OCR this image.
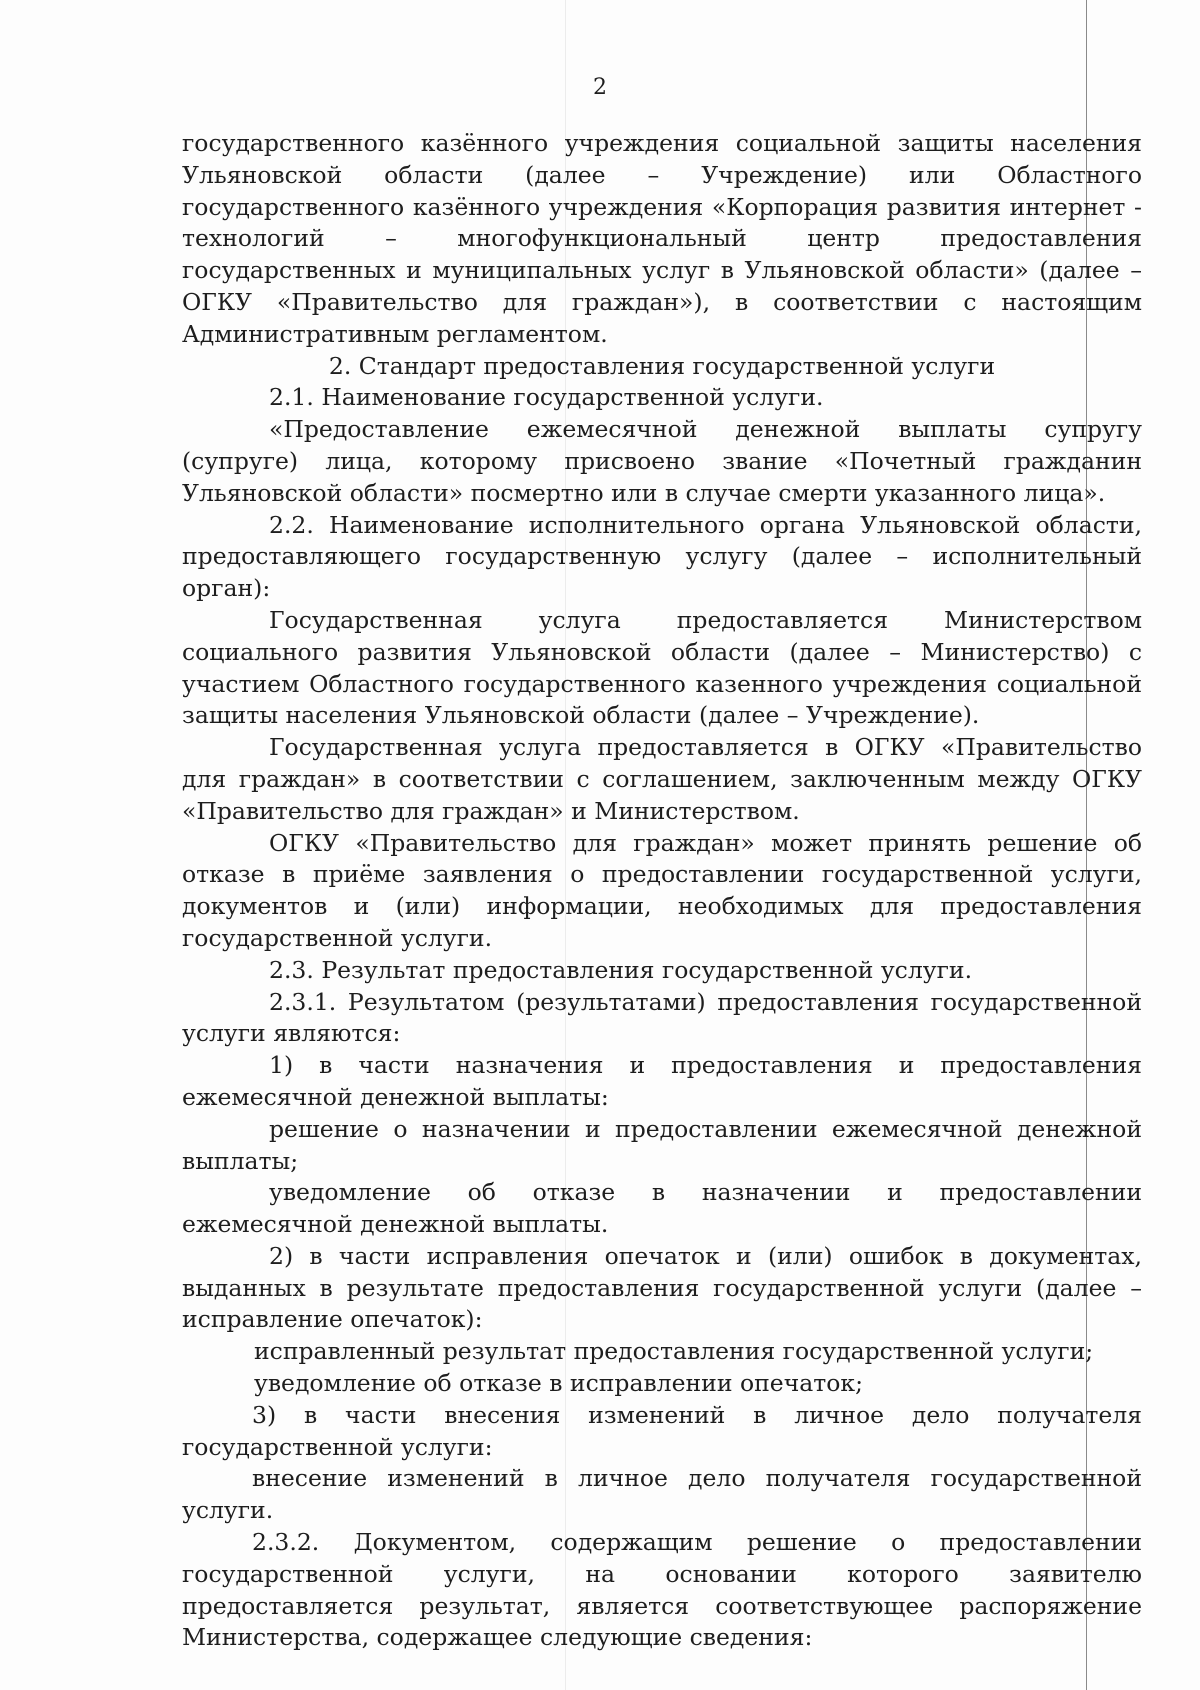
2

государственного казённого учреждения социальной защиты населения Ульяновской области (далее – Учреждение) или Областного государственного казённого учреждения «Корпорация развития интернет - технологий – многофункциональный центр предоставления государственных и муниципальных услуг в Ульяновской области» (далее – ОГКУ «Правительство для граждан»), в соответствии с настоящим Административным регламентом.

2. Стандарт предоставления государственной услуги

2.1. Наименование государственной услуги.

«Предоставление ежемесячной денежной выплаты супругу (супруге) лица, которому присвоено звание «Почетный гражданин Ульяновской области» посмертно или в случае смерти указанного лица».

2.2. Наименование исполнительного органа Ульяновской области, предоставляющего государственную услугу (далее – исполнительный орган):

Государственная услуга предоставляется Министерством социального развития Ульяновской области (далее – Министерство) с участием Областного государственного казенного учреждения социальной защиты населения Ульяновской области (далее – Учреждение).

Государственная услуга предоставляется в ОГКУ «Правительство для граждан» в соответствии с соглашением, заключенным между ОГКУ «Правительство для граждан» и Министерством.

ОГКУ «Правительство для граждан» может принять решение об отказе в приёме заявления о предоставлении государственной услуги, документов и (или) информации, необходимых для предоставления государственной услуги.

2.3. Результат предоставления государственной услуги.

2.3.1. Результатом (результатами) предоставления государственной услуги являются:

1) в части назначения и предоставления и предоставления ежемесячной денежной выплаты:

решение о назначении и предоставлении ежемесячной денежной выплаты;

уведомление об отказе в назначении и предоставлении ежемесячной денежной выплаты.

2) в части исправления опечаток и (или) ошибок в документах, выданных в результате предоставления государственной услуги (далее – исправление опечаток):

исправленный результат предоставления государственной услуги;

уведомление об отказе в исправлении опечаток;

3) в части внесения изменений в личное дело получателя государственной услуги:

внесение изменений в личное дело получателя государственной услуги.

2.3.2. Документом, содержащим решение о предоставлении государственной услуги, на основании которого заявителю предоставляется результат, является соответствующее распоряжение Министерства, содержащее следующие сведения:
